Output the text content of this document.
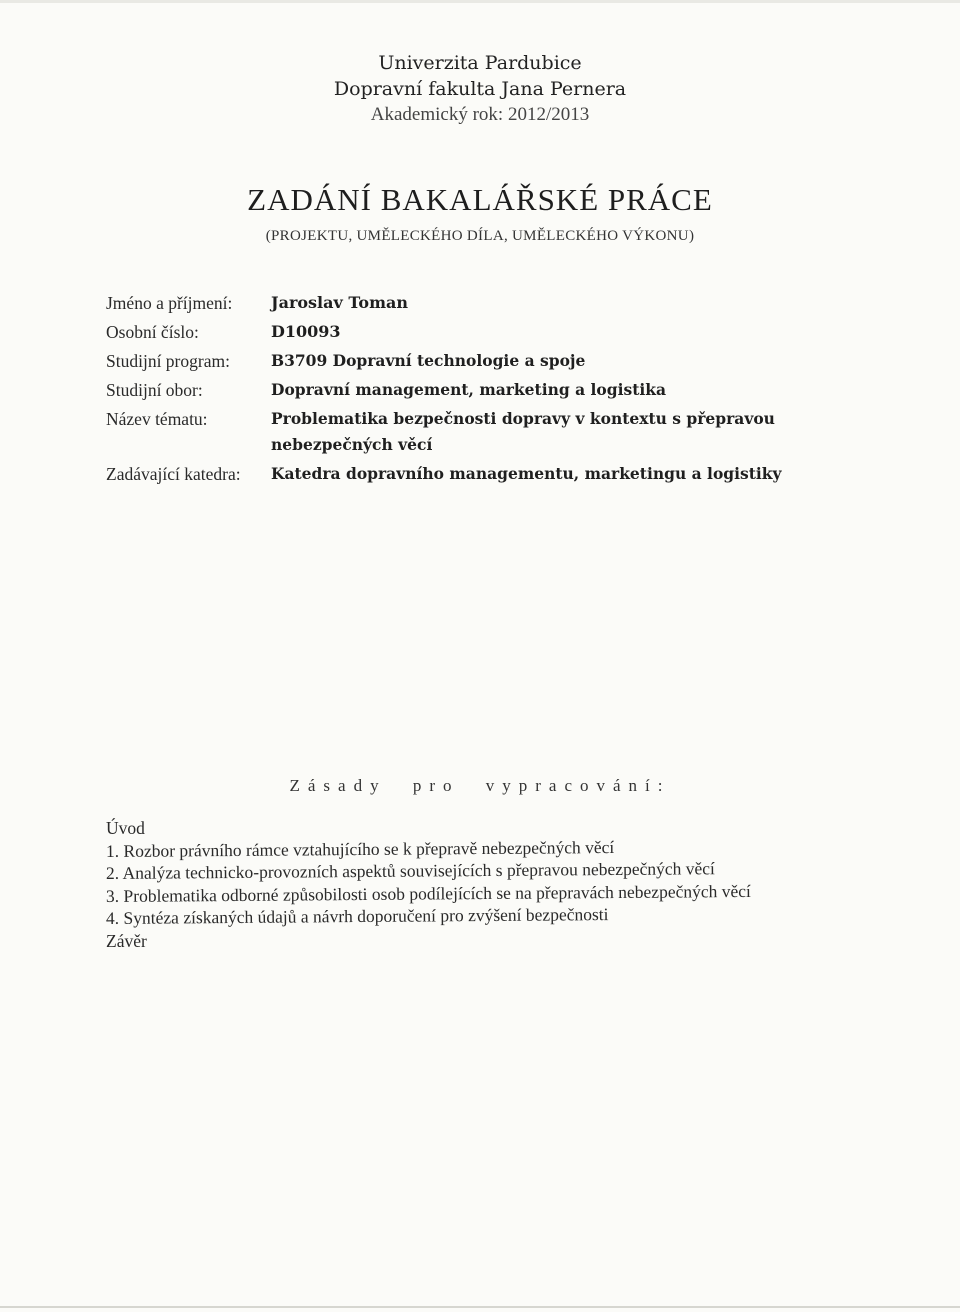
Univerzita Pardubice
Dopravní fakulta Jana Pernera
Akademický rok: 2012/2013
ZADÁNÍ BAKALÁŘSKÉ PRÁCE
(PROJEKTU, UMĚLECKÉHO DÍLA, UMĚLECKÉHO VÝKONU)
Jméno a příjmení:	Jaroslav Toman
Osobní číslo:	D10093
Studijní program:	B3709 Dopravní technologie a spoje
Studijní obor:	Dopravní management, marketing a logistika
Název tématu:	Problematika bezpečnosti dopravy v kontextu s přepravou
nebezpečných věcí
Zadávající katedra:	Katedra dopravního managementu, marketingu a logistiky
Zásady pro vypracování:
Úvod
1. Rozbor právního rámce vztahujícího se k přepravě nebezpečných věcí
2. Analýza technicko-provozních aspektů souvisejících s přepravou nebezpečných věcí
3. Problematika odborné způsobilosti osob podílejících se na přepravách nebezpečných věcí
4. Syntéza získaných údajů a návrh doporučení pro zvýšení bezpečnosti
Závěr
